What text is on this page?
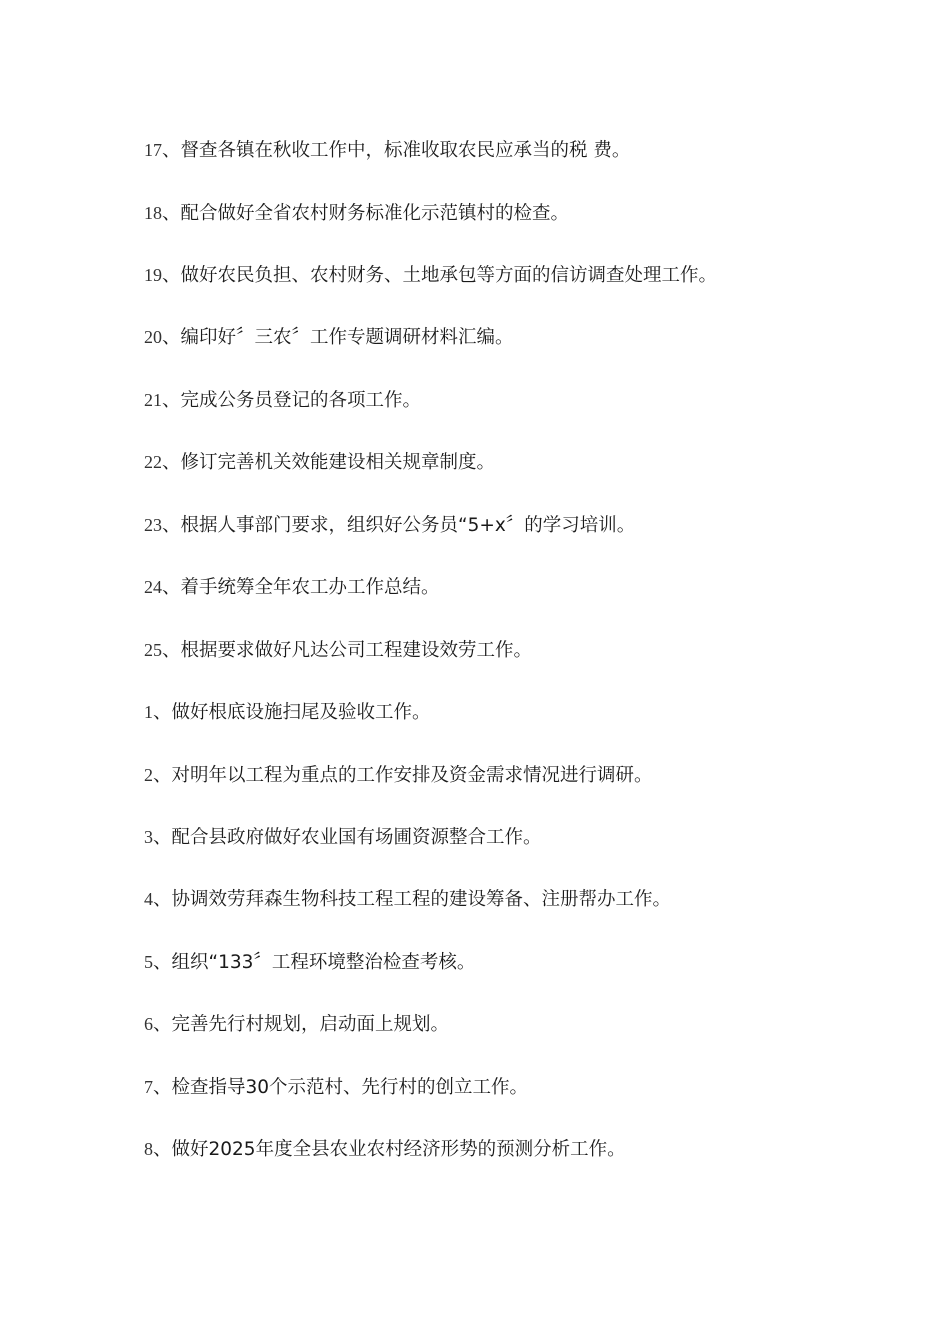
17、督查各镇在秋收工作中，标准收取农民应承当的税 费。
18、配合做好全省农村财务标准化示范镇村的检查。
19、做好农民负担、农村财务、土地承包等方面的信访调查处理工作。
20、编印好〞三农〞工作专题调研材料汇编。
21、完成公务员登记的各项工作。
22、修订完善机关效能建设相关规章制度。
23、根据人事部门要求，组织好公务员“5+x〞的学习培训。
24、着手统筹全年农工办工作总结。
25、根据要求做好凡达公司工程建设效劳工作。
1、做好根底设施扫尾及验收工作。
2、对明年以工程为重点的工作安排及资金需求情况进行调研。
3、配合县政府做好农业国有场圃资源整合工作。
4、协调效劳拜森生物科技工程工程的建设筹备、注册帮办工作。
5、组织“133〞工程环境整治检查考核。
6、完善先行村规划，启动面上规划。
7、检查指导30个示范村、先行村的创立工作。
8、做好2025年度全县农业农村经济形势的预测分析工作。
